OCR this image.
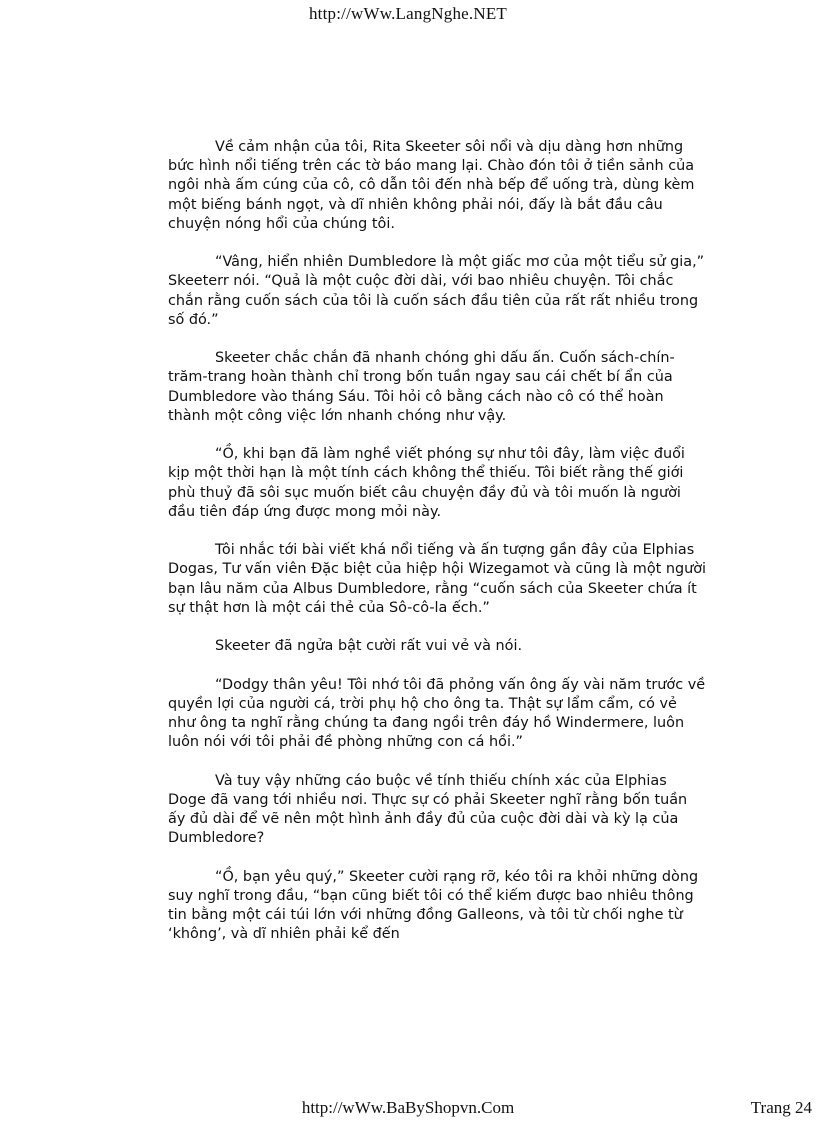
http://wWw.LangNghe.NET

Về cảm nhận của tôi, Rita Skeeter sôi nổi và dịu dàng hơn những bức hình nổi tiếng trên các tờ báo mang lại. Chào đón tôi ở tiền sảnh của ngôi nhà ấm cúng của cô, cô dẫn tôi đến nhà bếp để uống trà, dùng kèm một biếng bánh ngọt, và dĩ nhiên không phải nói, đấy là bắt đầu câu chuyện nóng hổi của chúng tôi.

“Vâng, hiển nhiên Dumbledore là một giấc mơ của một tiểu sử gia,” Skeeterr nói. “Quả là một cuộc đời dài, với bao nhiêu chuyện. Tôi chắc chắn rằng cuốn sách của tôi là cuốn sách đầu tiên của rất rất nhiều trong số đó.”

Skeeter chắc chắn đã nhanh chóng ghi dấu ấn. Cuốn sách-chín-trăm-trang hoàn thành chỉ trong bốn tuần ngay sau cái chết bí ẩn của Dumbledore vào tháng Sáu. Tôi hỏi cô bằng cách nào cô có thể hoàn thành một công việc lớn nhanh chóng như vậy.

“Ồ, khi bạn đã làm nghề viết phóng sự như tôi đây, làm việc đuổi kịp một thời hạn là một tính cách không thể thiếu. Tôi biết rằng thế giới phù thuỷ đã sôi sục muốn biết câu chuyện đầy đủ và tôi muốn là người đầu tiên đáp ứng được mong mỏi này.

Tôi nhắc tới bài viết khá nổi tiếng và ấn tượng gần đây của Elphias Dogas, Tư vấn viên Đặc biệt của hiệp hội Wizegamot và cũng là một người bạn lâu năm của Albus Dumbledore, rằng “cuốn sách của Skeeter chứa ít sự thật hơn là một cái thẻ của Sô-cô-la ếch.”

Skeeter đã ngửa bật cười rất vui vẻ và nói.

“Dodgy thân yêu! Tôi nhớ tôi đã phỏng vấn ông ấy vài năm trước về quyền lợi của người cá, trời phụ hộ cho ông ta. Thật sự lẩm cẩm, có vẻ như ông ta nghĩ rằng chúng ta đang ngồi trên đáy hồ Windermere, luôn luôn nói với tôi phải đề phòng những con cá hồi.”

Và tuy vậy những cáo buộc về tính thiếu chính xác của Elphias Doge đã vang tới nhiều nơi. Thực sự có phải Skeeter nghĩ rằng bốn tuần ấy đủ dài để vẽ nên một hình ảnh đầy đủ của cuộc đời dài và kỳ lạ của Dumbledore?

“Ồ, bạn yêu quý,” Skeeter cười rạng rỡ, kéo tôi ra khỏi những dòng suy nghĩ trong đầu, “bạn cũng biết tôi có thể kiếm được bao nhiêu thông tin bằng một cái túi lớn với những đồng Galleons, và tôi từ chối nghe từ ‘không’, và dĩ nhiên phải kể đến

http://wWw.BaByShopvn.Com	Trang 24
